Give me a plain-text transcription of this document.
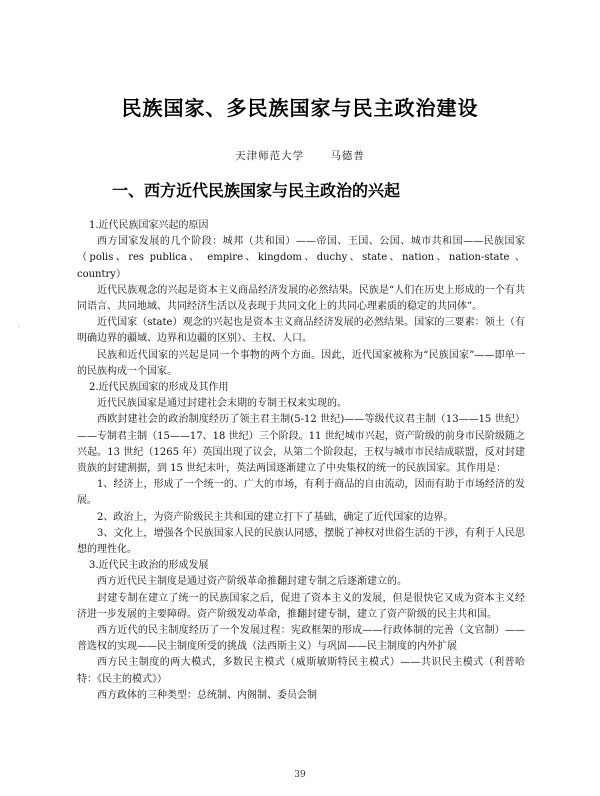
民族国家、多民族国家与民主政治建设
天津师范大学	马德普
一、西方近代民族国家与民主政治的兴起

1.近代民族国家兴起的原因

西方国家发展的几个阶段：城邦（共和国）——帝国、王国、公国、城市共和国——民族国家（polis、res publica、 empire、kingdom、duchy、state、nation、nation-state 、country）

近代民族观念的兴起是资本主义商品经济发展的必然结果。民族是“人们在历史上形成的一个有共同语言、共同地域、共同经济生活以及表现于共同文化上的共同心理素质的稳定的共同体”。

近代国家（state）观念的兴起也是资本主义商品经济发展的必然结果。国家的三要素：领土（有明确边界的疆域、边界和边疆的区别）、主权、人口。

民族和近代国家的兴起是同一个事物的两个方面。因此，近代国家被称为“民族国家”——即单一的民族构成一个国家。

2.近代民族国家的形成及其作用

近代民族国家是通过封建社会末期的专制王权来实现的。

西欧封建社会的政治制度经历了领主君主制(5-12 世纪)——等级代议君主制（13——15 世纪）——专制君主制（15——17、18 世纪）三个阶段。11 世纪城市兴起，资产阶级的前身市民阶级随之兴起。13 世纪（1265 年）英国出现了议会，从第二个阶段起，王权与城市市民结成联盟，反对封建贵族的封建割据，到 15 世纪末叶，英法两国逐渐建立了中央集权的统一的民族国家。其作用是：

1、经济上，形成了一个统一的、广大的市场，有利于商品的自由流动，因而有助于市场经济的发展。

2、政治上，为资产阶级民主共和国的建立打下了基础，确定了近代国家的边界。

3、文化上，增强各个民族国家人民的民族认同感，摆脱了神权对世俗生活的干涉，有利于人民思想的理性化。

3.近代民主政治的形成发展

西方近代民主制度是通过资产阶级革命推翻封建专制之后逐渐建立的。

封建专制在建立了统一的民族国家之后，促进了资本主义的发展，但是很快它又成为资本主义经济进一步发展的主要障碍。资产阶级发动革命，推翻封建专制，建立了资产阶级的民主共和国。

西方近代的民主制度经历了一个发展过程：宪政框架的形成——行政体制的完善（文官制）——普选权的实现——民主制度所受的挑战（法西斯主义）与巩固——民主制度的内外扩展

西方民主制度的两大模式，多数民主模式（威斯敏斯特民主模式）——共识民主模式（利普哈特：《民主的模式》）

西方政体的三种类型：总统制、内阁制、委员会制

·
39
